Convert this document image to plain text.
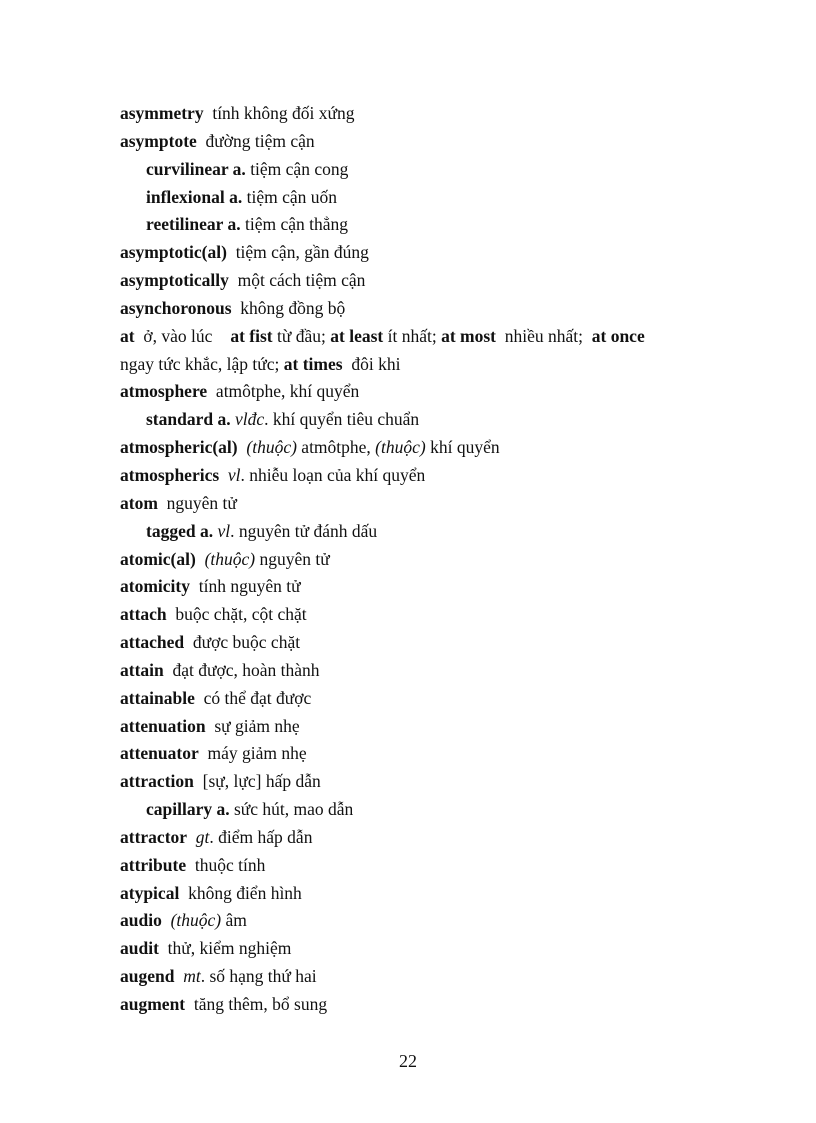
asymmetry tính không đối xứng
asymptote đường tiệm cận
curvilinear a. tiệm cận cong
inflexional a. tiệm cận uốn
reetilinear a. tiệm cận thẳng
asymptotic(al) tiệm cận, gần đúng
asymptotically một cách tiệm cận
asynchoronous không đồng bộ
at ở, vào lúc at fist từ đầu; at least ít nhất; at most nhiều nhất; at once
ngay tức khắc, lập tức; at times đôi khi
atmosphere atmôtphe, khí quyển
standard a. vlđc. khí quyển tiêu chuẩn
atmospheric(al) (thuộc) atmôtphe, (thuộc) khí quyển
atmospherics vl. nhiễu loạn của khí quyển
atom nguyên tử
tagged a. vl. nguyên tử đánh dấu
atomic(al) (thuộc) nguyên tử
atomicity tính nguyên tử
attach buộc chặt, cột chặt
attached được buộc chặt
attain đạt được, hoàn thành
attainable có thể đạt được
attenuation sự giảm nhẹ
attenuator máy giảm nhẹ
attraction [sự, lực] hấp dẫn
capillary a. sức hút, mao dẫn
attractor gt. điểm hấp dẫn
attribute thuộc tính
atypical không điển hình
audio (thuộc) âm
audit thử, kiểm nghiệm
augend mt. số hạng thứ hai
augment tăng thêm, bổ sung
22
